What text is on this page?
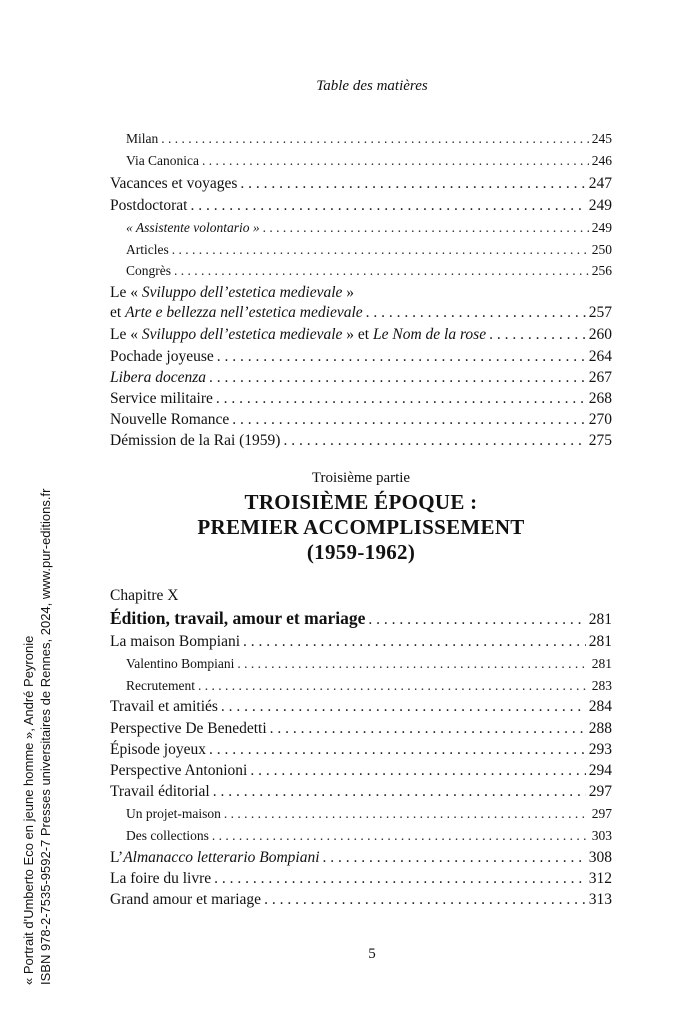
Table des matières
Milan . . .	245
Via Canonica . . .	246
Vacances et voyages . . .	247
Postdoctorat . . .	249
« Assistente volontario » . . .	249
Articles . . .	250
Congrès . . .	256
Le « Sviluppo dell’estetica medievale »
et Arte e bellezza nell’estetica medievale . . .	257
Le « Sviluppo dell’estetica medievale » et Le Nom de la rose . . .	260
Pochade joyeuse . . .	264
Libera docenza . . .	267
Service militaire . . .	268
Nouvelle Romance . . .	270
Démission de la Rai (1959) . . .	275
Troisième partie
TROISIÈME ÉPOQUE :
PREMIER ACCOMPLISSEMENT
(1959-1962)
Chapitre X
Édition, travail, amour et mariage . . .	281
La maison Bompiani . . .	281
Valentino Bompiani . . .	281
Recrutement . . .	283
Travail et amitiés . . .	284
Perspective De Benedetti . . .	288
Épisode joyeux . . .	293
Perspective Antonioni . . .	294
Travail éditorial . . .	297
Un projet-maison . . .	297
Des collections . . .	303
L’Almanacco letterario Bompiani . . .	308
La foire du livre . . .	312
Grand amour et mariage . . .	313
5
« Portrait d'Umberto Eco en jeune homme », André Peyronie ISBN 978-2-7535-9592-7 Presses universitaires de Rennes, 2024, www.pur-editions.fr
